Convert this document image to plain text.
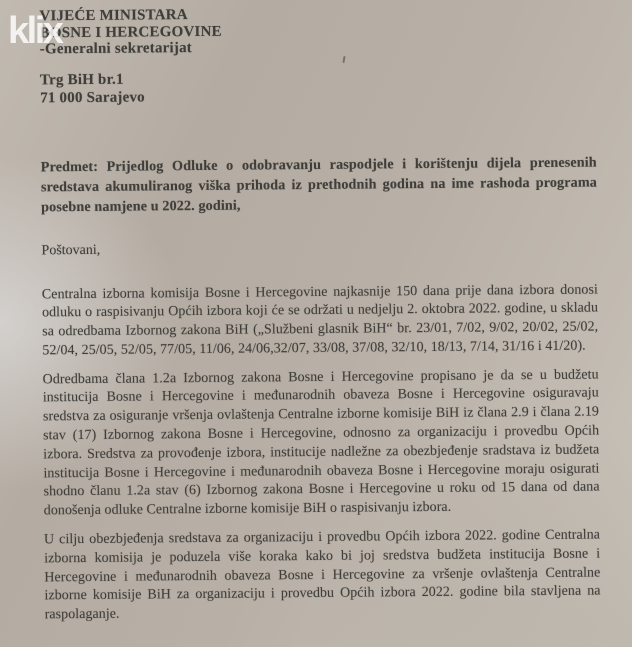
VIJEĆE MINISTARA
BOSNE I HERCEGOVINE
-Generalni sekretarijat
Trg BiH br.1
71 000 Sarajevo
Predmet: Prijedlog Odluke o odobravanju raspodjele i korištenju dijela prenesenih sredstava akumuliranog viška prihoda iz prethodnih godina na ime rashoda programa posebne namjene u 2022. godini,
Poštovani,

Centralna izborna komisija Bosne i Hercegovine najkasnije 150 dana prije dana izbora donosi odluku o raspisivanju Općih izbora koji će se održati u nedjelju 2. oktobra 2022. godine, u skladu sa odredbama Izbornog zakona BiH („Službeni glasnik BiH“ br. 23/01, 7/02, 9/02, 20/02, 25/02, 52/04, 25/05, 52/05, 77/05, 11/06, 24/06,32/07, 33/08, 37/08, 32/10, 18/13, 7/14, 31/16 i 41/20).

Odredbama člana 1.2a Izbornog zakona Bosne i Hercegovine propisano je da se u budžetu institucija Bosne i Hercegovine i međunarodnih obaveza Bosne i Hercegovine osiguravaju sredstva za osiguranje vršenja ovlaštenja Centralne izborne komisije BiH iz člana 2.9 i člana 2.19 stav (17) Izbornog zakona Bosne i Hercegovine, odnosno za organizaciju i provedbu Općih izbora. Sredstva za provođenje izbora, institucije nadležne za obezbjeđenje sradstava iz budžeta institucija Bosne i Hercegovine i međunarodnih obaveza Bosne i Hercegovine moraju osigurati shodno članu 1.2a stav (6) Izbornog zakona Bosne i Hercegovine u roku od 15 dana od dana donošenja odluke Centralne izborne komisije BiH o raspisivanju izbora.

U cilju obezbjeđenja sredstava za organizaciju i provedbu Općih izbora 2022. godine Centralna izborna komisija je poduzela više koraka kako bi joj sredstva budžeta institucija Bosne i Hercegovine i međunarodnih obaveza Bosne i Hercegovine za vršenje ovlaštenja Centralne izborne komisije BiH za organizaciju i provedbu Općih izbora 2022. godine bila stavljena na raspolaganje.

klix
